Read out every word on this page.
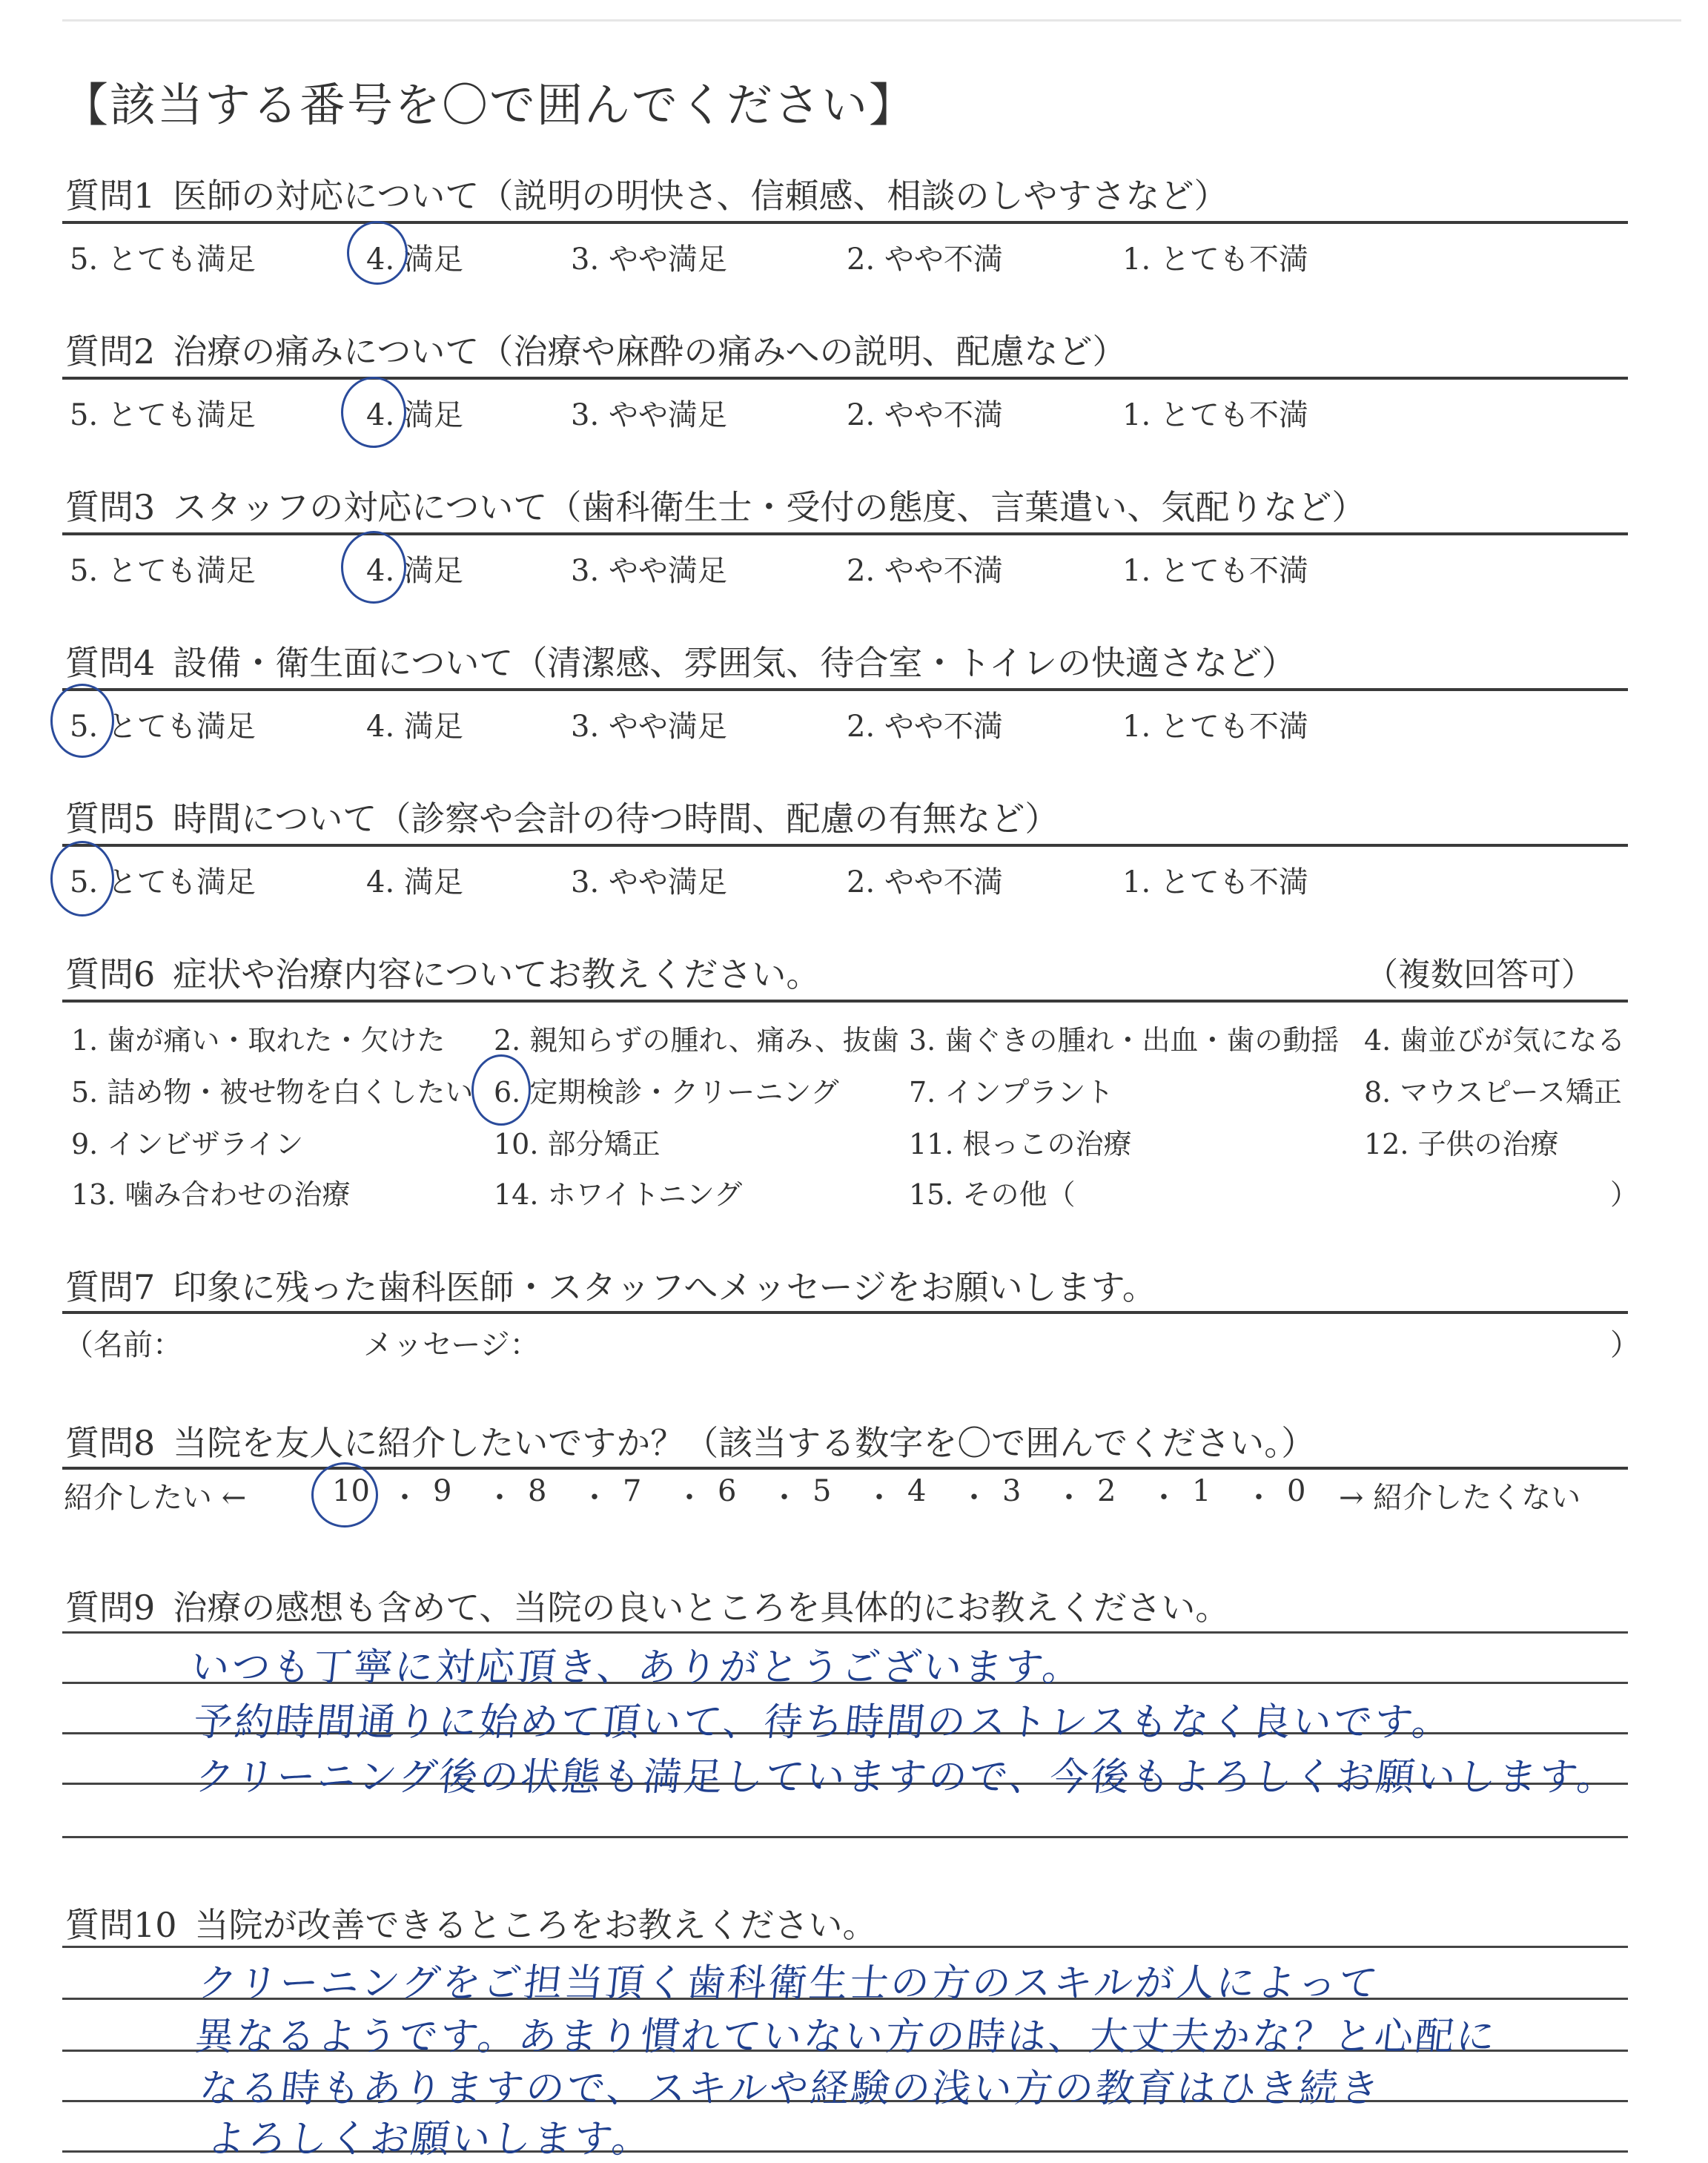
【該当する番号を〇で囲んでください】
質問1 医師の対応について（説明の明快さ、信頼感、相談のしやすさなど）
5. とても満足	4. 満足	3. やや満足	2. やや不満	1. とても不満
質問2 治療の痛みについて（治療や麻酔の痛みへの説明、配慮など）
5. とても満足	4. 満足	3. やや満足	2. やや不満	1. とても不満
質問3 スタッフの対応について（歯科衛生士・受付の態度、言葉遣い、気配りなど）
5. とても満足	4. 満足	3. やや満足	2. やや不満	1. とても不満
質問4 設備・衛生面について（清潔感、雰囲気、待合室・トイレの快適さなど）
5. とても満足	4. 満足	3. やや満足	2. やや不満	1. とても不満
質問5 時間について（診察や会計の待つ時間、配慮の有無など）
5. とても満足	4. 満足	3. やや満足	2. やや不満	1. とても不満
質問6 症状や治療内容についてお教えください。	（複数回答可）
1. 歯が痛い・取れた・欠けた 2. 親知らずの腫れ、痛み、抜歯 3. 歯ぐきの腫れ・出血・歯の動揺 4. 歯並びが気になる
5. 詰め物・被せ物を白くしたい 6. 定期検診・クリーニング 7. インプラント	8. マウスピース矯正
9. インビザライン	10. 部分矯正	11. 根っこの治療	12. 子供の治療
13. 噛み合わせの治療	14. ホワイトニング	15. その他（	）
質問7 印象に残った歯科医師・スタッフへメッセージをお願いします。
（名前：	メッセージ：	）
質問8 当院を友人に紹介したいですか？（該当する数字を〇で囲んでください。）
紹介したい ←	10 ・ 9 ・ 8 ・ 7 ・ 6 ・ 5 ・ 4 ・ 3 ・ 2 ・ 1 ・ 0 → 紹介したくない
質問9 治療の感想も含めて、当院の良いところを具体的にお教えください。
いつも丁寧に対応頂き、ありがとうございます。
予約時間通りに始めて頂いて、待ち時間のストレスもなく良いです。
クリーニング後の状態も満足していますので、今後もよろしくお願いします。
質問10 当院が改善できるところをお教えください。
クリーニングをご担当頂く歯科衛生士の方のスキルが人によって
異なるようです。あまり慣れていない方の時は、大丈夫かな？と心配に
なる時もありますので、スキルや経験の浅い方の教育はひき続き
よろしくお願いします。
